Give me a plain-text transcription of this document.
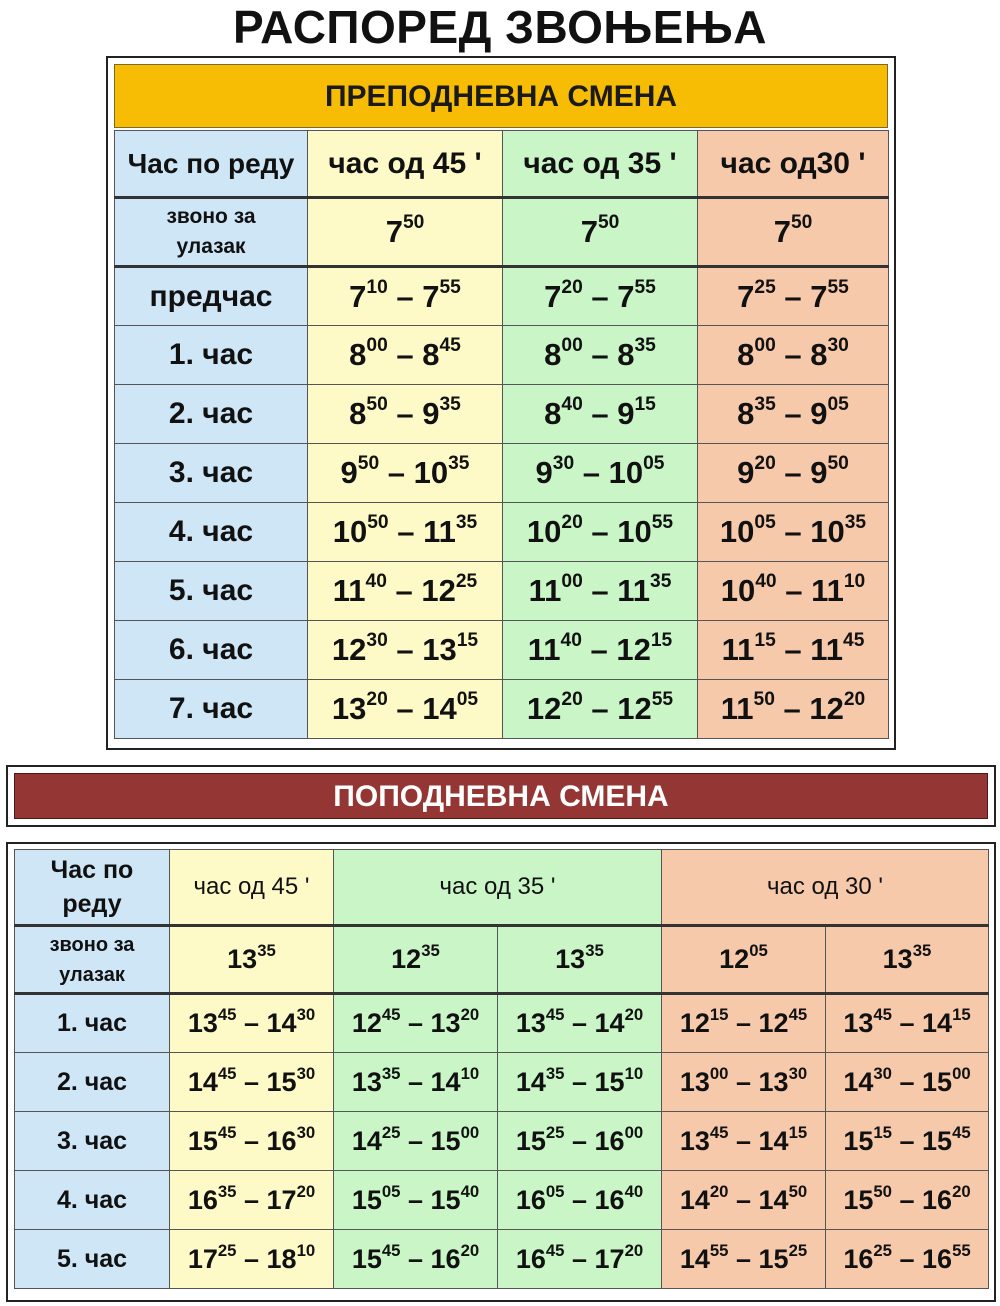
РАСПОРЕД ЗВОЊЕЊА
ПРЕПОДНЕВНА СМЕНА
Час по реду	час од 45 '	час од 35 '	час од30 '

звоно за
улазак	$7^{50}$	$7^{50}$	$7^{50}$
предчас	$7^{10} - 7^{55}$	$7^{20} - 7^{55}$	$7^{25} - 7^{55}$
1. час	$8^{00} - 8^{45}$	$8^{00} - 8^{35}$	$8^{00} - 8^{30}$
2. час	$8^{50} - 9^{35}$	$8^{40} - 9^{15}$	$8^{35} - 9^{05}$
3. час	$9^{50} - 10^{35}$	$9^{30} - 10^{05}$	$9^{20} - 9^{50}$
4. час	$10^{50} - 11^{35}$	$10^{20} - 10^{55}$	$10^{05} - 10^{35}$
5. час	$11^{40} - 12^{25}$	$11^{00} - 11^{35}$	$10^{40} - 11^{10}$
6. час	$12^{30} - 13^{15}$	$11^{40} - 12^{15}$	$11^{15} - 11^{45}$
7. час	$13^{20} - 14^{05}$	$12^{20} - 12^{55}$	$11^{50} - 12^{20}$
ПОПОДНЕВНА СМЕНА
Час по
реду	час од 45 '	час од 35 '		час од 30 '	

звоно за
улазак	$13^{35}$	$12^{35}$	$13^{35}$	$12^{05}$	$13^{35}$
1. час	$13^{45} - 14^{30}$	$12^{45} - 13^{20}$	$13^{45} - 14^{20}$	$12^{15} - 12^{45}$	$13^{45} - 14^{15}$
2. час	$14^{45} - 15^{30}$	$13^{35} - 14^{10}$	$14^{35} - 15^{10}$	$13^{00} - 13^{30}$	$14^{30} - 15^{00}$
3. час	$15^{45} - 16^{30}$	$14^{25} - 15^{00}$	$15^{25} - 16^{00}$	$13^{45} - 14^{15}$	$15^{15} - 15^{45}$
4. час	$16^{35} - 17^{20}$	$15^{05} - 15^{40}$	$16^{05} - 16^{40}$	$14^{20} - 14^{50}$	$15^{50} - 16^{20}$
5. час	$17^{25} - 18^{10}$	$15^{45} - 16^{20}$	$16^{45} - 17^{20}$	$14^{55} - 15^{25}$	$16^{25} - 16^{55}$
